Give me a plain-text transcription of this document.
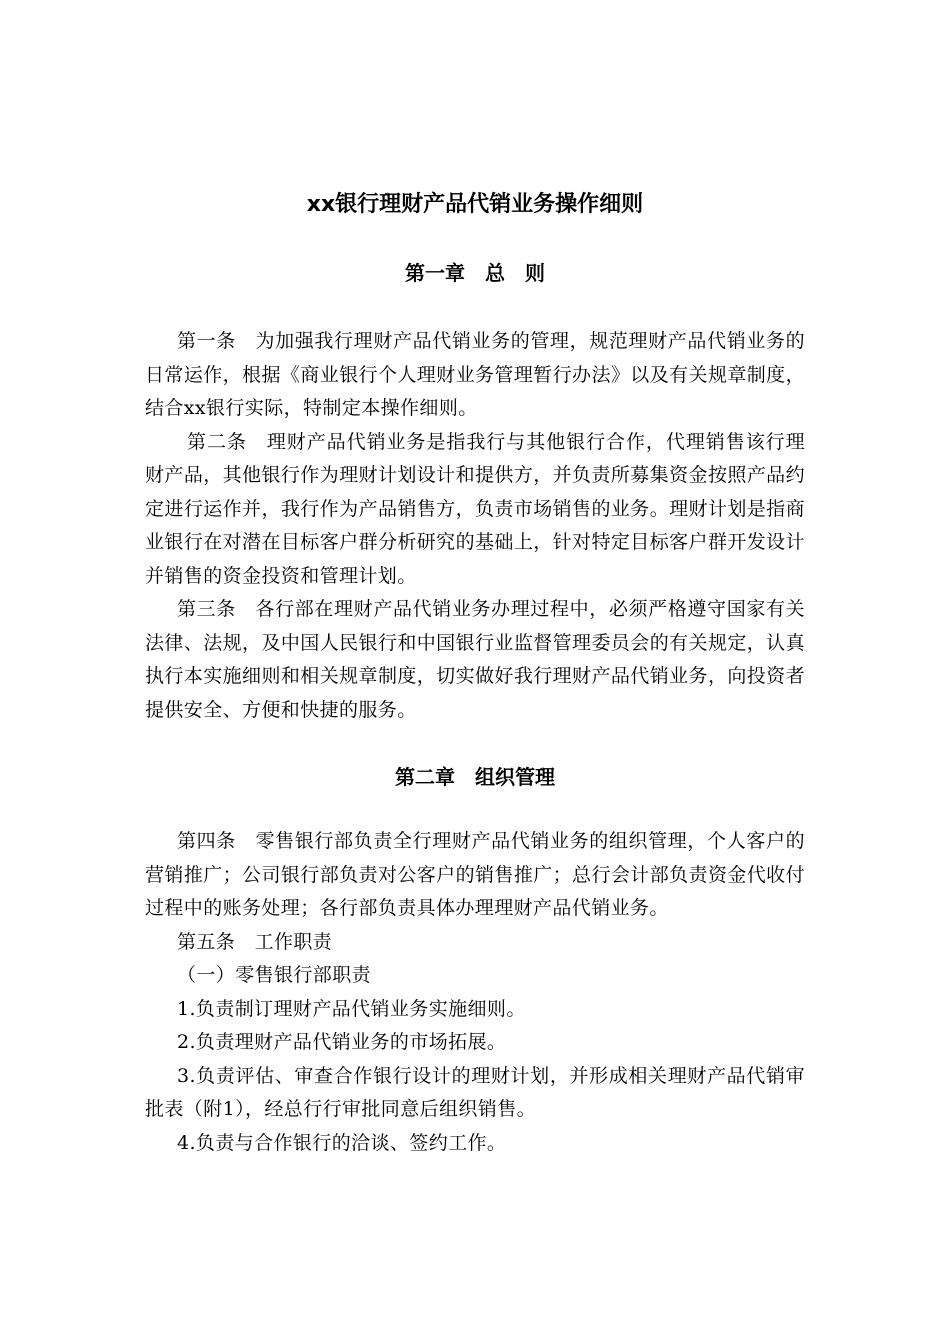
xx银行理财产品代销业务操作细则
第一章　总　则

第一条　为加强我行理财产品代销业务的管理，规范理财产品代销业务的日常运作，根据《商业银行个人理财业务管理暂行办法》以及有关规章制度，结合xx银行实际，特制定本操作细则。

第二条　理财产品代销业务是指我行与其他银行合作，代理销售该行理财产品，其他银行作为理财计划设计和提供方，并负责所募集资金按照产品约定进行运作并，我行作为产品销售方，负责市场销售的业务。理财计划是指商业银行在对潜在目标客户群分析研究的基础上，针对特定目标客户群开发设计并销售的资金投资和管理计划。

第三条　各行部在理财产品代销业务办理过程中，必须严格遵守国家有关法律、法规，及中国人民银行和中国银行业监督管理委员会的有关规定，认真执行本实施细则和相关规章制度，切实做好我行理财产品代销业务，向投资者提供安全、方便和快捷的服务。

第二章　组织管理

第四条　零售银行部负责全行理财产品代销业务的组织管理，个人客户的营销推广；公司银行部负责对公客户的销售推广；总行会计部负责资金代收付过程中的账务处理；各行部负责具体办理理财产品代销业务。

第五条　工作职责

（一）零售银行部职责

1.负责制订理财产品代销业务实施细则。

2.负责理财产品代销业务的市场拓展。

3.负责评估、审查合作银行设计的理财计划，并形成相关理财产品代销审批表（附1），经总行行审批同意后组织销售。

4.负责与合作银行的洽谈、签约工作。
